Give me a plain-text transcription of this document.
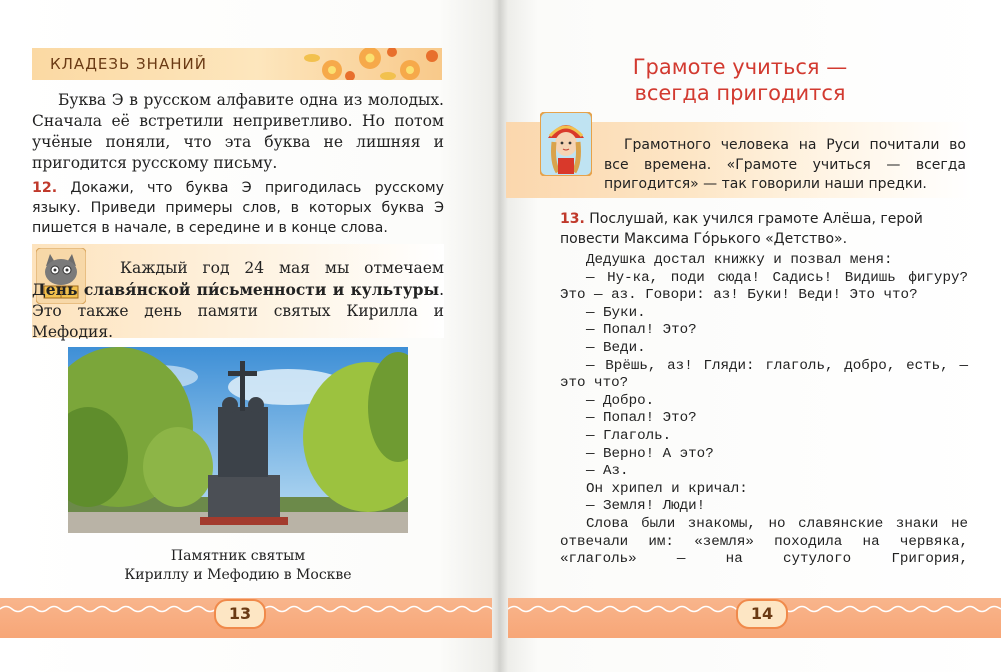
КЛАДЕЗЬ ЗНАНИЙ

Буква Э в русском алфавите одна из молодых. Сначала её встретили неприветливо. Но потом учёные поняли, что эта буква не лишняя и пригодится русскому письму.

12. Докажи, что буква Э пригодилась русскому языку. Приведи примеры слов, в которых буква Э пишется в начале, в середине и в конце слова.

Каждый год 24 мая мы отмечаем День славя́нской пи́сьменности и культуры. Это также день памяти святых Кирилла и Мефодия.

Памятник святым
Кириллу и Мефодию в Москве

13	14
Грамоте учиться —
всегда пригодится

Грамотного человека на Руси почитали во все времена. «Грамоте учиться — всегда пригодится» — так говорили наши предки.

13. Послушай, как учился грамоте Алёша, герой повести Максима Го́рького «Детство».

Дедушка достал книжку и позвал меня:

— Ну-ка, поди сюда! Садись! Видишь фигуру? Это — аз. Говори: аз! Буки! Веди! Это что?

— Буки.

— Попал! Это?

— Веди.

— Врёшь, аз! Гляди: глаголь, добро, есть, — это что?

— Добро.

— Попал! Это?

— Глаголь.

— Верно! А это?

— Аз.

Он хрипел и кричал:

— Земля! Люди!

Слова были знакомы, но славянские знаки не отвечали им: «земля» походила на червяка, «глаголь» — на сутулого Григория,
